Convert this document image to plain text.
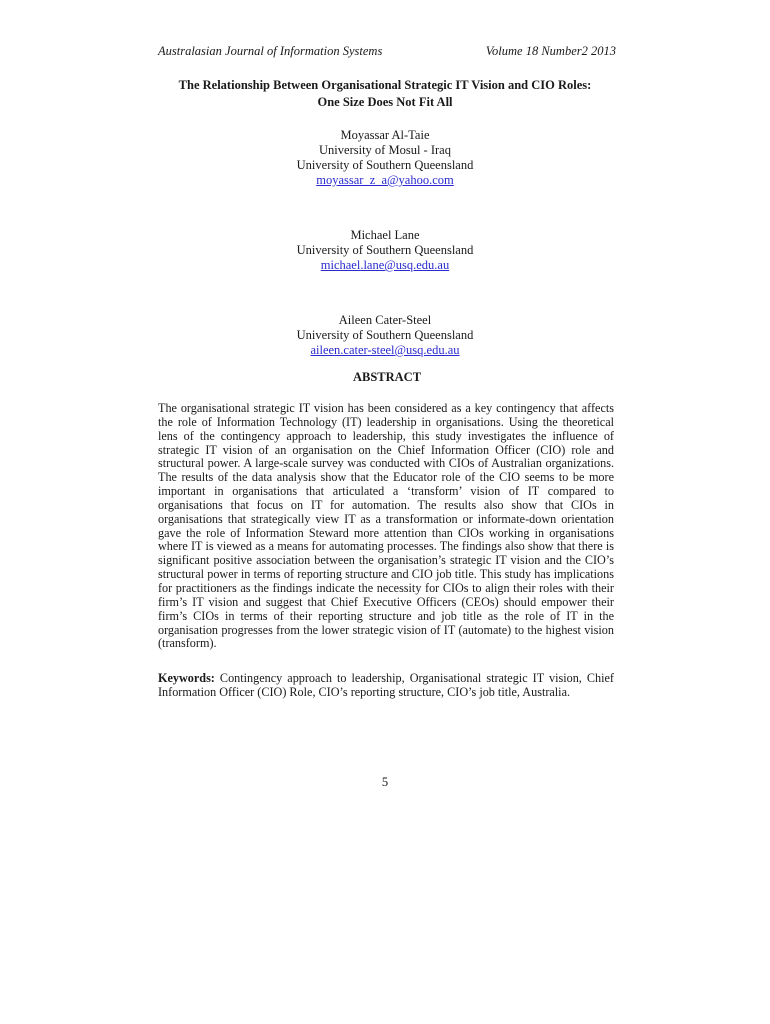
Australasian Journal of Information Systems	Volume 18 Number2 2013
The Relationship Between Organisational Strategic IT Vision and CIO Roles:
One Size Does Not Fit All
Moyassar Al-Taie
University of Mosul - Iraq
University of Southern Queensland
moyassar_z_a@yahoo.com
Michael Lane
University of Southern Queensland
michael.lane@usq.edu.au
Aileen Cater-Steel
University of Southern Queensland
aileen.cater-steel@usq.edu.au
ABSTRACT

The organisational strategic IT vision has been considered as a key contingency that affects the role of Information Technology (IT) leadership in organisations. Using the theoretical lens of the contingency approach to leadership, this study investigates the influence of strategic IT vision of an organisation on the Chief Information Officer (CIO) role and structural power. A large-scale survey was conducted with CIOs of Australian organizations. The results of the data analysis show that the Educator role of the CIO seems to be more important in organisations that articulated a ‘transform’ vision of IT compared to organisations that focus on IT for automation. The results also show that CIOs in organisations that strategically view IT as a transformation or informate-down orientation gave the role of Information Steward more attention than CIOs working in organisations where IT is viewed as a means for automating processes. The findings also show that there is significant positive association between the organisation’s strategic IT vision and the CIO’s structural power in terms of reporting structure and CIO job title. This study has implications for practitioners as the findings indicate the necessity for CIOs to align their roles with their firm’s IT vision and suggest that Chief Executive Officers (CEOs) should empower their firm’s CIOs in terms of their reporting structure and job title as the role of IT in the organisation progresses from the lower strategic vision of IT (automate) to the highest vision (transform).

Keywords: Contingency approach to leadership, Organisational strategic IT vision, Chief Information Officer (CIO) Role, CIO’s reporting structure, CIO’s job title, Australia.

5
